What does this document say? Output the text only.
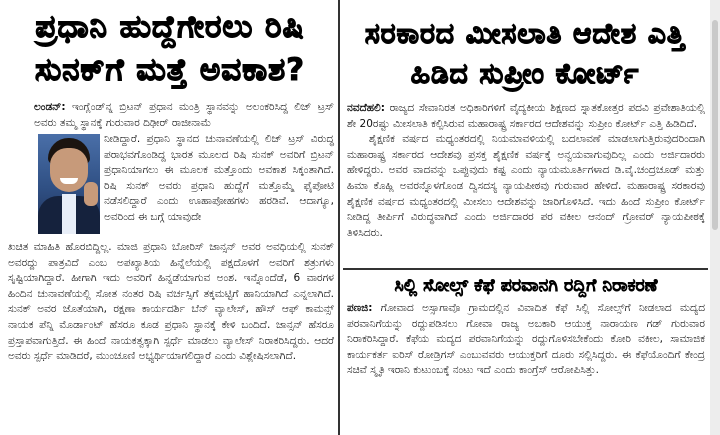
ಪ್ರಧಾನಿ ಹುದ್ದೆಗೇರಲು ರಿಷಿ ಸುನಕ್‌ಗೆ ಮತ್ತೆ ಅವಕಾಶ?
ಲಂಡನ್: ಇಂಗ್ಲೆಂಡ್‌ನ್ನ ಬ್ರಿಟನ್ ಪ್ರಧಾನ ಮಂತ್ರಿ ಸ್ಥಾನವನ್ನು ಅಲಂಕರಿಸಿದ್ದ ಲಿಜ್ ಟ್ರಸ್ ಅವರು ತಮ್ಮ ಸ್ಥಾನಕ್ಕೆ ಗುರುವಾರ ದಿಢೀರ್ ರಾಜೀನಾಮೆ
ನೀಡಿದ್ದಾರೆ. ಪ್ರಧಾನಿ ಸ್ಥಾನದ ಚುನಾವಣೆಯಲ್ಲಿ ಲಿಜ್ ಟ್ರಸ್ ವಿರುದ್ಧ ಪರಾಭವಗೊಂಡಿದ್ದ ಭಾರತ ಮೂಲದ ರಿಷಿ ಸುನಕ್ ಅವರಿಗೆ ಬ್ರಿಟನ್ ಪ್ರಧಾನಿಯಾಗಲು ಈ ಮೂಲಕ ಮತ್ತೊಂದು ಅವಕಾಶ ಸಿಕ್ಕಂತಾಗಿದೆ. ರಿಷಿ ಸುನಕ್ ಅವರು ಪ್ರಧಾನಿ ಹುದ್ದೆಗೆ ಮತ್ತೊಮ್ಮೆ ಫೈಪೋಟಿ ನಡೆಸಲಿದ್ದಾರೆ ಎಂದು ಊಹಾಪೋಹಗಳು ಹರಡಿವೆ. ಆದಾಗ್ಯೂ, ಅವರಿಂದ ಈ ಬಗ್ಗೆ ಯಾವುದೇ
ಖಚಿತ ಮಾಹಿತಿ ಹೊರಬಿದ್ದಿಲ್ಲ. ಮಾಜಿ ಪ್ರಧಾನಿ ಬೋರಿಸ್ ಜಾನ್ಸನ್ ಅವರ ಅವಧಿಯಲ್ಲಿ ಸುನಕ್ ಅವರದ್ದು ಪಾತ್ರವಿದೆ ಎಂಬ ಅಪಖ್ಯಾತಿಯ ಹಿನ್ನೆಲೆಯಲ್ಲಿ ಪಕ್ಷದೊಳಗೆ ಅವರಿಗೆ ಶತ್ರುಗಳು ಸೃಷ್ಟಿಯಾಗಿದ್ದಾರೆ. ಹೀಗಾಗಿ ಇದು ಅವರಿಗೆ ಹಿನ್ನಡೆಯಾಗುವ ಅಂಶ. ಇನ್ನೊಂದೆಡೆ, 6 ವಾರಗಳ ಹಿಂದಿನ ಚುನಾವಣೆಯಲ್ಲಿ ಸೋತ ನಂತರ ರಿಷಿ ವರ್ಚಸ್ಸಿಗೆ ತಕ್ಕಮಟ್ಟಿಗೆ ಹಾನಿಯಾಗಿದೆ ಎನ್ನಲಾಗಿದೆ. ಸುನಕ್ ಅವರ ಜೊತೆಯಾಗಿ, ರಕ್ಷಣಾ ಕಾರ್ಯದರ್ಶಿ ಬೆನ್ ವ್ಯಾಲೇಸ್, ಹೌಸ್ ಆಫ್ ಕಾಮನ್ಸ್ ನಾಯಕ ಪೆನ್ನಿ ಮೊರ್ಡಾಂಟ್ ಹೆಸರೂ ಕೂಡ ಪ್ರಧಾನಿ ಸ್ಥಾನಕ್ಕೆ ಕೇಳಿ ಬಂದಿದೆ. ಜಾನ್ಸನ್ ಹೆಸರೂ ಪ್ರಸ್ತಾಪವಾಗುತ್ತಿದೆ. ಈ ಹಿಂದೆ ನಾಯಕತ್ವಕ್ಕಾಗಿ ಸ್ಪರ್ಧೆ ಮಾಡಲು ವ್ಯಾಲೇಸ್ ನಿರಾಕರಿಸಿದ್ದರು. ಆದರೆ ಅವರು ಸ್ಪರ್ಧೆ ಮಾಡಿದರೆ, ಮುಂಚೂಣಿ ಅಭ್ಯರ್ಥಿಯಾಗಲಿದ್ದಾರೆ ಎಂದು ವಿಶ್ಲೇಷಿಸಲಾಗಿದೆ.
ಸರಕಾರದ ಮೀಸಲಾತಿ ಆದೇಶ ಎತ್ತಿ ಹಿಡಿದ ಸುಪ್ರೀಂ ಕೋರ್ಟ್

ನವದೆಹಲಿ: ರಾಜ್ಯದ ಸೇವಾನಿರತ ಅಧಿಕಾರಿಗಳಿಗೆ ವೈದ್ಯಕೀಯ ಶಿಕ್ಷಣದ ಸ್ನಾತಕೋತ್ತರ ಪದವಿ ಪ್ರವೇಶಾತಿಯಲ್ಲಿ ಶೇ 20ರಷ್ಟು ಮೀಸಲಾತಿ ಕಲ್ಪಿಸಿರುವ ಮಹಾರಾಷ್ಟ್ರ ಸರ್ಕಾರದ ಆದೇಶವನ್ನು ಸುಪ್ರೀಂ ಕೋರ್ಟ್ ಎತ್ತಿ ಹಿಡಿದಿದೆ.

ಶೈಕ್ಷಣಿಕ ವರ್ಷದ ಮಧ್ಯಂತರದಲ್ಲಿ ನಿಯಮಾವಳಿಯಲ್ಲಿ ಬದಲಾವಣೆ ಮಾಡಲಾಗುತ್ತಿರುವುದರಿಂದಾಗಿ ಮಹಾರಾಷ್ಟ್ರ ಸರ್ಕಾರದ ಆದೇಶವು ಪ್ರಸಕ್ತ ಶೈಕ್ಷಣಿಕ ವರ್ಷಕ್ಕೆ ಅನ್ವಯವಾಗುವುದಿಲ್ಲ ಎಂದು ಅರ್ಜಿದಾರರು ಹೇಳಿದ್ದರು. ಅವರ ವಾದವನ್ನು ಒಪ್ಪುವುದು ಕಷ್ಟ ಎಂದು ನ್ಯಾಯಮೂರ್ತಿಗಳಾದ ಡಿ.ವೈ.ಚಂದ್ರಚೂಡ್ ಮತ್ತು ಹಿಮಾ ಕೊಹ್ಲಿ ಅವರನ್ನೊಳಗೊಂಡ ದ್ವಿಸದಸ್ಯ ನ್ಯಾಯಪೀಠವು ಗುರುವಾರ ಹೇಳಿದೆ. ಮಹಾರಾಷ್ಟ್ರ ಸರಕಾರವು ಶೈಕ್ಷಣಿಕ ವರ್ಷದ ಮಧ್ಯಂತರದಲ್ಲಿ ಮೀಸಲು ಆದೇಶವನ್ನು ಜಾರಿಗೊಳಿಸಿದೆ. ಇದು ಹಿಂದೆ ಸುಪ್ರೀಂ ಕೋರ್ಟ್ ನೀಡಿದ್ದ ತೀರ್ಪಿಗೆ ವಿರುದ್ಧವಾಗಿದೆ ಎಂದು ಅರ್ಜಿದಾರರ ಪರ ವಕೀಲ ಆನಂದ್ ಗ್ರೋವರ್ ನ್ಯಾಯಪೀಠಕ್ಕೆ ತಿಳಿಸಿದರು.

ಸಿಲ್ಲಿ ಸೋಲ್ಸ್ ಕೆಫೆ ಪರವಾನಗಿ ರದ್ದಿಗೆ ನಿರಾಕರಣೆ
ಪಣಜಿ: ಗೋವಾದ ಅಸ್ಸಾಗಾವೊ ಗ್ರಾಮದಲ್ಲಿನ ವಿವಾದಿತ ಕೆಫೆ ಸಿಲ್ಲಿ ಸೋಲ್ಸ್‌ಗೆ ನೀಡಲಾದ ಮದ್ಯದ ಪರವಾನಿಗೆಯನ್ನು ರದ್ದುಪಡಿಸಲು ಗೋವಾ ರಾಜ್ಯ ಅಬಕಾರಿ ಆಯುಕ್ತ ನಾರಾಯಣ ಗಡ್ ಗುರುವಾರ ನಿರಾಕರಿಸಿದ್ದಾರೆ. ಕೆಫೆಯ ಮದ್ಯದ ಪರವಾನಿಗೆಯನ್ನು ರದ್ದುಗೊಳಿಸಬೇಕೆಂದು ಕೋರಿ ವಕೀಲ, ಸಾಮಾಜಿಕ ಕಾರ್ಯಕರ್ತ ಐರಿಸ್ ರೋಡ್ರಿಗಸ್ ಎಂಬುವವರು ಆಯುಕ್ತರಿಗೆ ದೂರು ಸಲ್ಲಿಸಿದ್ದರು. ಈ ಕೆಫೆಯೊಂದಿಗೆ ಕೇಂದ್ರ ಸಚಿವೆ ಸ್ಮೃತಿ ಇರಾನಿ ಕುಟುಂಬಕ್ಕೆ ನಂಟು ಇದೆ ಎಂದು ಕಾಂಗ್ರೆಸ್ ಆರೋಪಿಸಿತ್ತು.
